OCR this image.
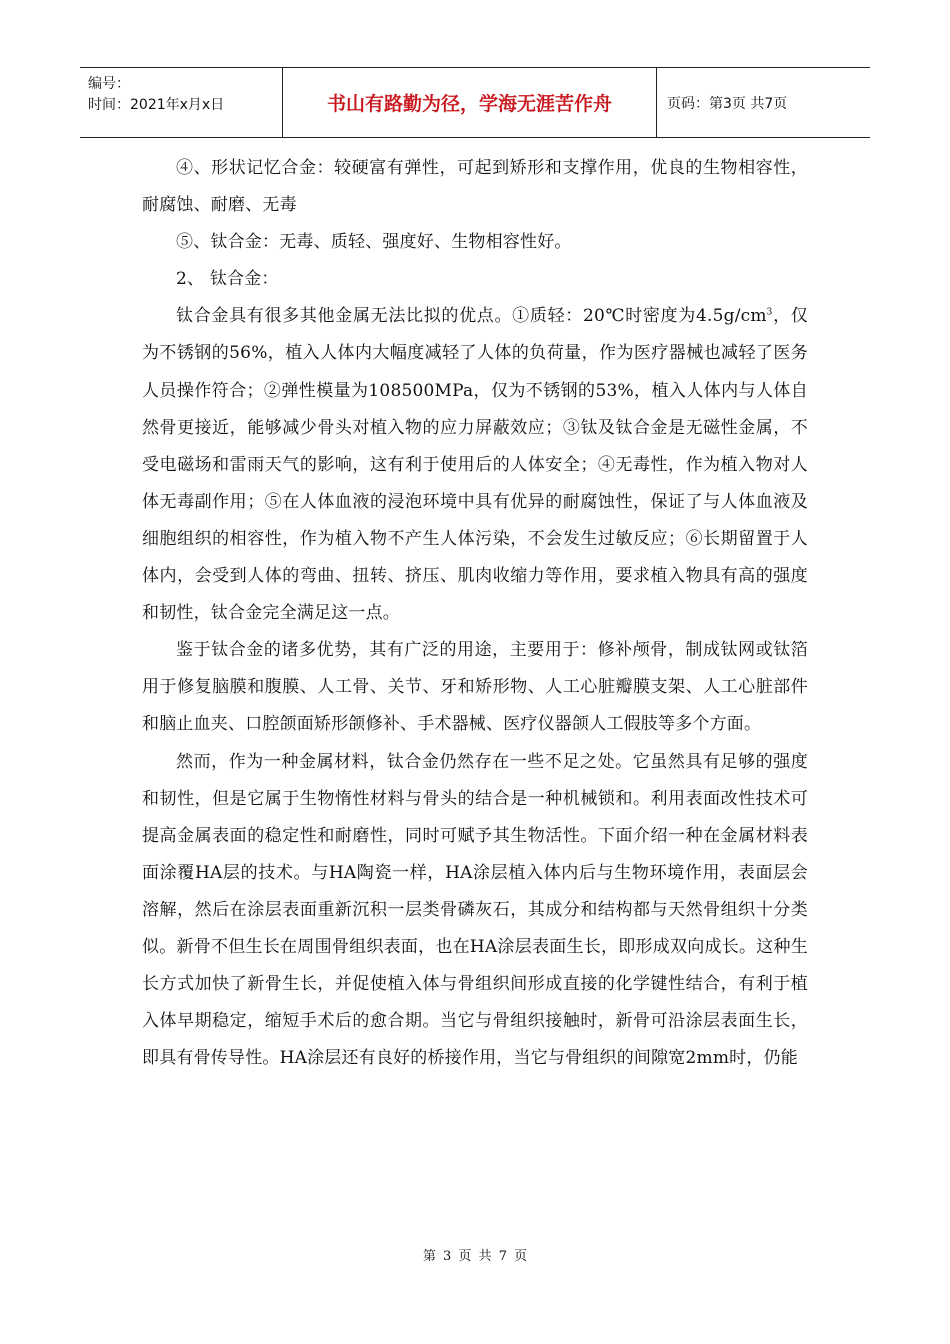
编号：
时间：2021年x月x日	书山有路勤为径，学海无涯苦作舟	页码：第3页 共7页

④、形状记忆合金：较硬富有弹性，可起到矫形和支撑作用，优良的生物相容性，耐腐蚀、耐磨、无毒

⑤、钛合金：无毒、质轻、强度好、生物相容性好。

2、 钛合金：

钛合金具有很多其他金属无法比拟的优点。①质轻：20℃时密度为$4.5g/cm^3$，仅为不锈钢的56%，植入人体内大幅度减轻了人体的负荷量，作为医疗器械也减轻了医务人员操作符合；②弹性模量为108500MPa，仅为不锈钢的53%，植入人体内与人体自然骨更接近，能够减少骨头对植入物的应力屏蔽效应；③钛及钛合金是无磁性金属，不受电磁场和雷雨天气的影响，这有利于使用后的人体安全；④无毒性，作为植入物对人体无毒副作用；⑤在人体血液的浸泡环境中具有优异的耐腐蚀性，保证了与人体血液及细胞组织的相容性，作为植入物不产生人体污染，不会发生过敏反应；⑥长期留置于人体内，会受到人体的弯曲、扭转、挤压、肌肉收缩力等作用，要求植入物具有高的强度和韧性，钛合金完全满足这一点。

鉴于钛合金的诸多优势，其有广泛的用途，主要用于：修补颅骨，制成钛网或钛箔用于修复脑膜和腹膜、人工骨、关节、牙和矫形物、人工心脏瓣膜支架、人工心脏部件和脑止血夹、口腔颌面矫形颌修补、手术器械、医疗仪器颌人工假肢等多个方面。

然而，作为一种金属材料，钛合金仍然存在一些不足之处。它虽然具有足够的强度和韧性，但是它属于生物惰性材料与骨头的结合是一种机械锁和。利用表面改性技术可提高金属表面的稳定性和耐磨性，同时可赋予其生物活性。下面介绍一种在金属材料表面涂覆HA层的技术。与HA陶瓷一样，HA涂层植入体内后与生物环境作用，表面层会溶解，然后在涂层表面重新沉积一层类骨磷灰石，其成分和结构都与天然骨组织十分类似。新骨不但生长在周围骨组织表面，也在HA涂层表面生长，即形成双向成长。这种生长方式加快了新骨生长，并促使植入体与骨组织间形成直接的化学键性结合，有利于植入体早期稳定，缩短手术后的愈合期。当它与骨组织接触时，新骨可沿涂层表面生长，即具有骨传导性。HA涂层还有良好的桥接作用，当它与骨组织的间隙宽2mm时，仍能

第 3 页 共 7 页
